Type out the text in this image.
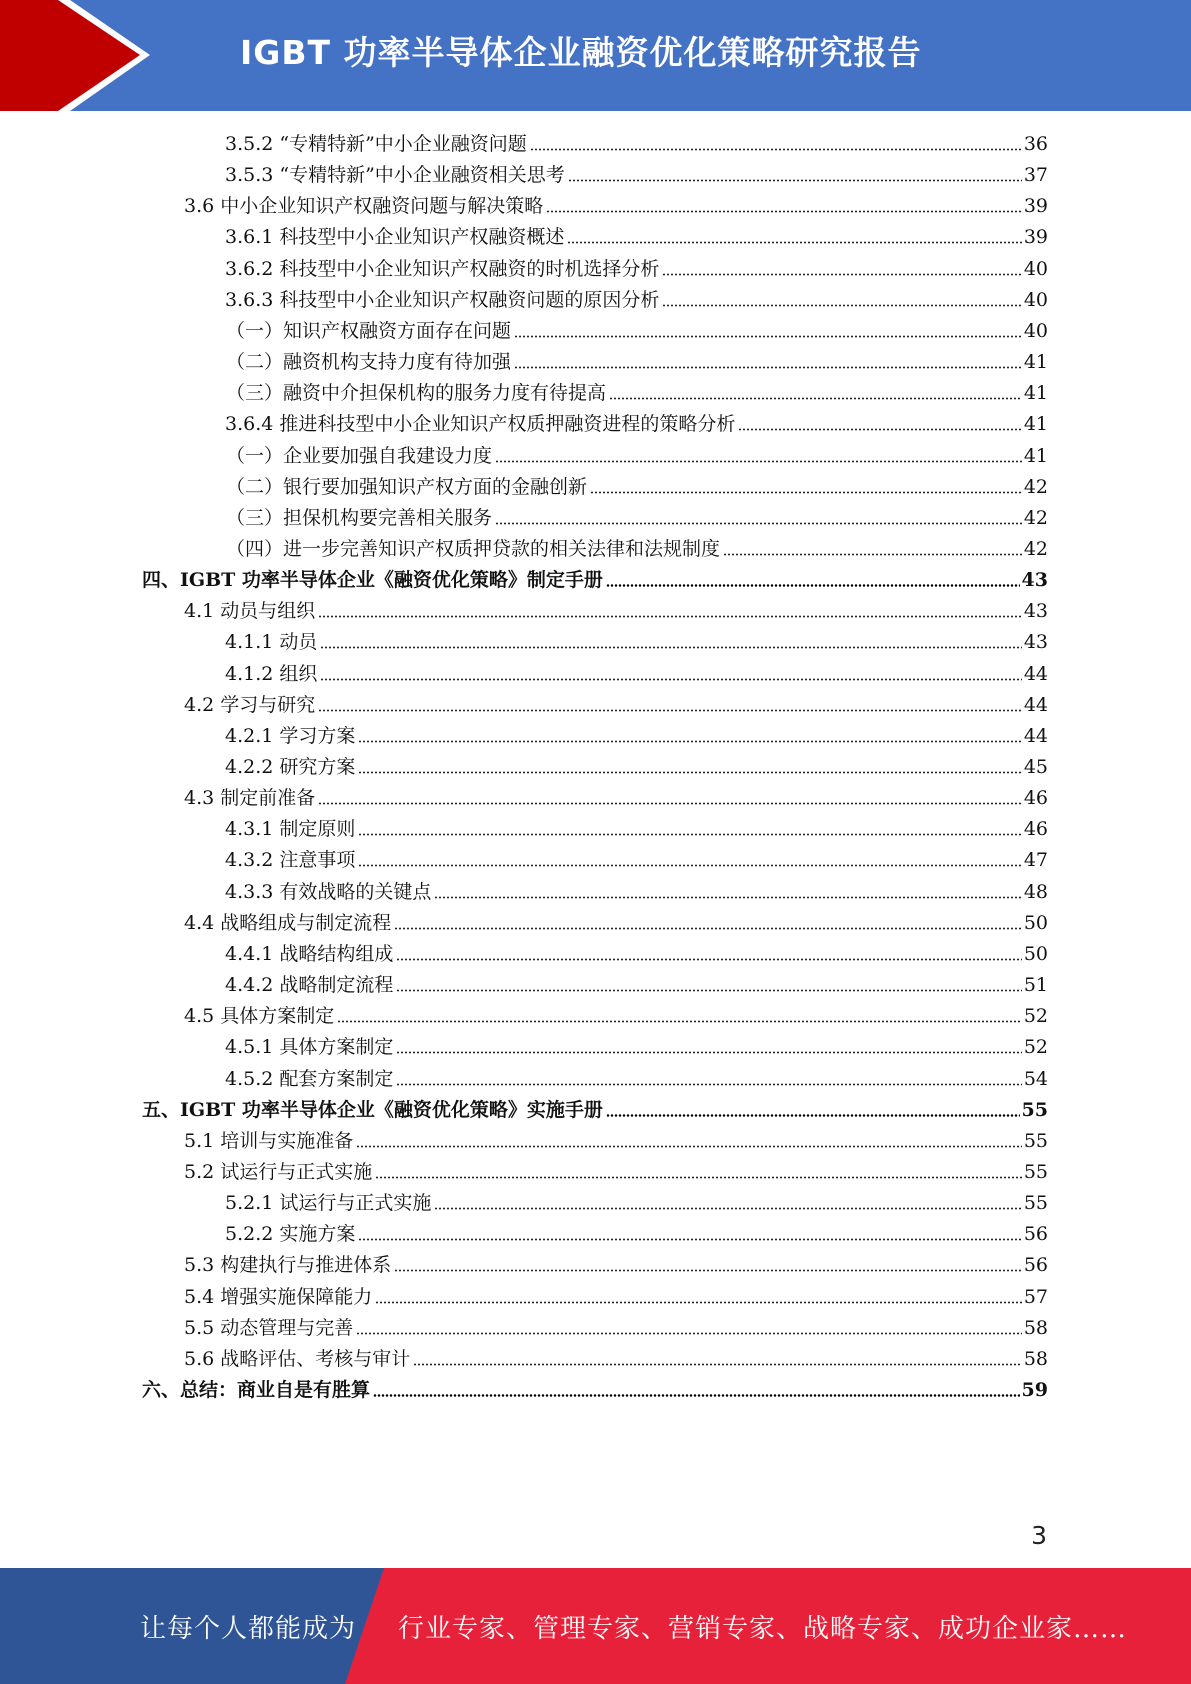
IGBT 功率半导体企业融资优化策略研究报告
3.5.2 “专精特新”中小企业融资问题	36
3.5.3 “专精特新”中小企业融资相关思考	37
3.6 中小企业知识产权融资问题与解决策略	39
3.6.1 科技型中小企业知识产权融资概述	39
3.6.2 科技型中小企业知识产权融资的时机选择分析	40
3.6.3 科技型中小企业知识产权融资问题的原因分析	40
（一）知识产权融资方面存在问题	40
（二）融资机构支持力度有待加强	41
（三）融资中介担保机构的服务力度有待提高	41
3.6.4 推进科技型中小企业知识产权质押融资进程的策略分析	41
（一）企业要加强自我建设力度	41
（二）银行要加强知识产权方面的金融创新	42
（三）担保机构要完善相关服务	42
（四）进一步完善知识产权质押贷款的相关法律和法规制度	42
四、IGBT 功率半导体企业《融资优化策略》制定手册	43
4.1 动员与组织	43
4.1.1 动员	43
4.1.2 组织	44
4.2 学习与研究	44
4.2.1 学习方案	44
4.2.2 研究方案	45
4.3 制定前准备	46
4.3.1 制定原则	46
4.3.2 注意事项	47
4.3.3 有效战略的关键点	48
4.4 战略组成与制定流程	50
4.4.1 战略结构组成	50
4.4.2 战略制定流程	51
4.5 具体方案制定	52
4.5.1 具体方案制定	52
4.5.2 配套方案制定	54
五、IGBT 功率半导体企业《融资优化策略》实施手册	55
5.1 培训与实施准备	55
5.2 试运行与正式实施	55
5.2.1 试运行与正式实施	55
5.2.2 实施方案	56
5.3 构建执行与推进体系	56
5.4 增强实施保障能力	57
5.5 动态管理与完善	58
5.6 战略评估、考核与审计	58
六、总结：商业自是有胜算	59
3
让每个人都能成为 行业专家、管理专家、营销专家、战略专家、成功企业家……
